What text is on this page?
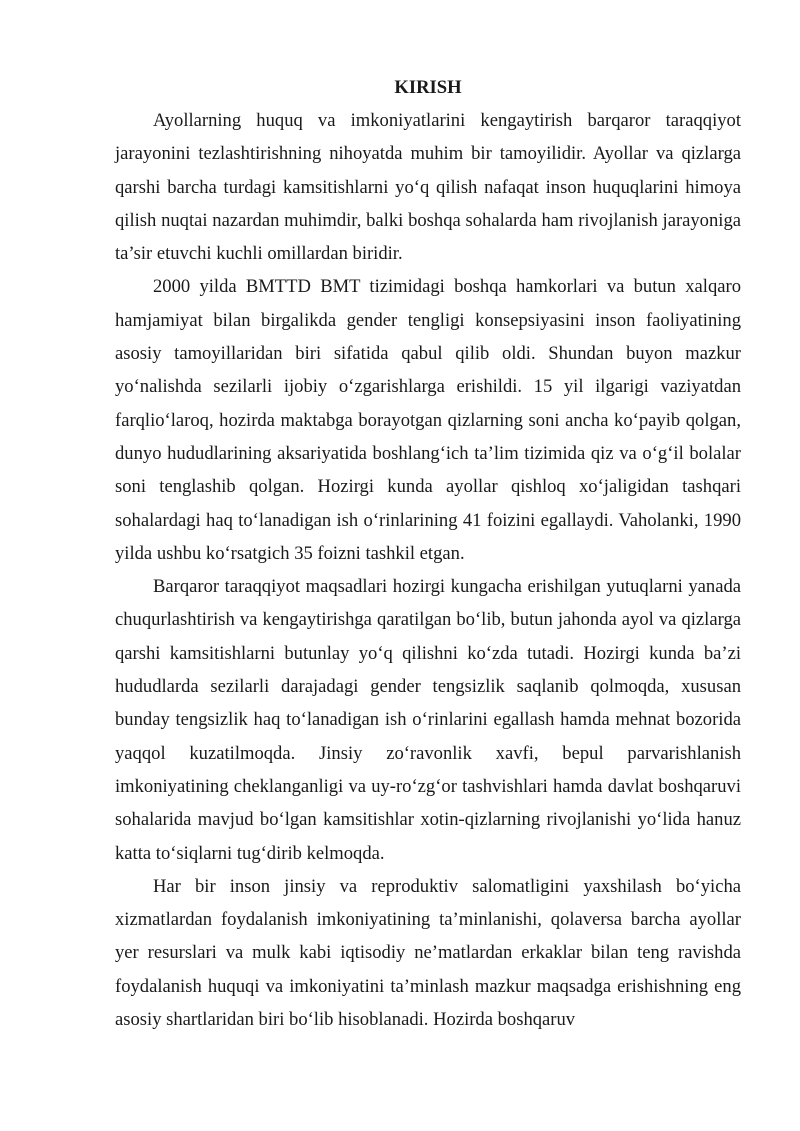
KIRISH

Ayollarning huquq va imkoniyatlarini kengaytirish barqaror taraqqiyot jarayonini tezlashtirishning nihoyatda muhim bir tamoyilidir. Ayollar va qizlarga qarshi barcha turdagi kamsitishlarni yo‘q qilish nafaqat inson huquqlarini himoya qilish nuqtai nazardan muhimdir, balki boshqa sohalarda ham rivojlanish jarayoniga ta’sir etuvchi kuchli omillardan biridir.

2000 yilda BMTTD BMT tizimidagi boshqa hamkorlari va butun xalqaro hamjamiyat bilan birgalikda gender tengligi konsepsiyasini inson faoliyatining asosiy tamoyillaridan biri sifatida qabul qilib oldi. Shundan buyon mazkur yo‘nalishda sezilarli ijobiy o‘zgarishlarga erishildi. 15 yil ilgarigi vaziyatdan farqlio‘laroq, hozirda maktabga borayotgan qizlarning soni ancha ko‘payib qolgan, dunyo hududlarining aksariyatida boshlang‘ich ta’lim tizimida qiz va o‘g‘il bolalar soni tenglashib qolgan. Hozirgi kunda ayollar qishloq xo‘jaligidan tashqari sohalardagi haq to‘lanadigan ish o‘rinlarining 41 foizini egallaydi. Vaholanki, 1990 yilda ushbu ko‘rsatgich 35 foizni tashkil etgan.

Barqaror taraqqiyot maqsadlari hozirgi kungacha erishilgan yutuqlarni yanada chuqurlashtirish va kengaytirishga qaratilgan bo‘lib, butun jahonda ayol va qizlarga qarshi kamsitishlarni butunlay yo‘q qilishni ko‘zda tutadi. Hozirgi kunda ba’zi hududlarda sezilarli darajadagi gender tengsizlik saqlanib qolmoqda, xususan bunday tengsizlik haq to‘lanadigan ish o‘rinlarini egallash hamda mehnat bozorida yaqqol kuzatilmoqda. Jinsiy zo‘ravonlik xavfi, bepul parvarishlanish imkoniyatining cheklanganligi va uy-ro‘zg‘or tashvishlari hamda davlat boshqaruvi sohalarida mavjud bo‘lgan kamsitishlar xotin-qizlarning rivojlanishi yo‘lida hanuz katta to‘siqlarni tug‘dirib kelmoqda.

Har bir inson jinsiy va reproduktiv salomatligini yaxshilash bo‘yicha xizmatlardan foydalanish imkoniyatining ta’minlanishi, qolaversa barcha ayollar yer resurslari va mulk kabi iqtisodiy ne’matlardan erkaklar bilan teng ravishda foydalanish huquqi va imkoniyatini ta’minlash mazkur maqsadga erishishning eng asosiy shartlaridan biri bo‘lib hisoblanadi. Hozirda boshqaruv
